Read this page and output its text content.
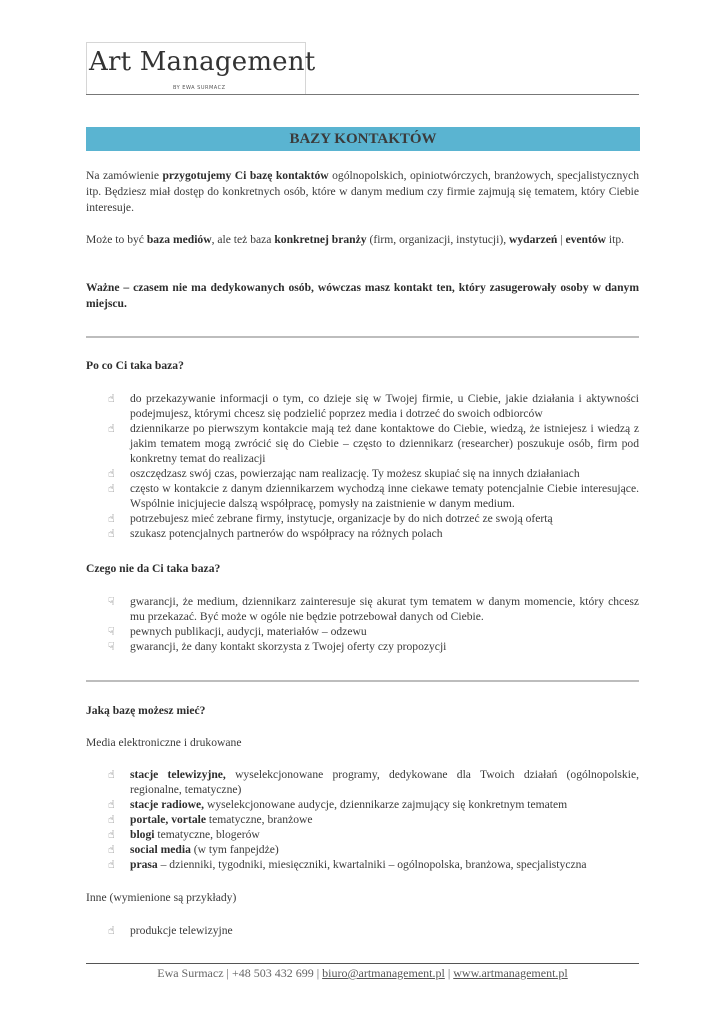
Art Management
BY EWA SURMACZ
BAZY KONTAKTÓW
Na zamówienie przygotujemy Ci bazę kontaktów ogólnopolskich, opiniotwórczych, branżowych, specjalistycznych itp. Będziesz miał dostęp do konkretnych osób, które w danym medium czy firmie zajmują się tematem, który Ciebie interesuje.
Może to być baza mediów, ale też baza konkretnej branży (firm, organizacji, instytucji), wydarzeń | eventów itp.
Ważne – czasem nie ma dedykowanych osób, wówczas masz kontakt ten, który zasugerowały osoby w danym miejscu.
Po co Ci taka baza?
☝	do przekazywanie informacji o tym, co dzieje się w Twojej firmie, u Ciebie, jakie działania i aktywności podejmujesz, którymi chcesz się podzielić poprzez media i dotrzeć do swoich odbiorców
☝	dziennikarze po pierwszym kontakcie mają też dane kontaktowe do Ciebie, wiedzą, że istniejesz i wiedzą z jakim tematem mogą zwrócić się do Ciebie – często to dziennikarz (researcher) poszukuje osób, firm pod konkretny temat do realizacji
☝	oszczędzasz swój czas, powierzając nam realizację. Ty możesz skupiać się na innych działaniach
☝	często w kontakcie z danym dziennikarzem wychodzą inne ciekawe tematy potencjalnie Ciebie interesujące. Wspólnie inicjujecie dalszą współpracę, pomysły na zaistnienie w danym medium.
☝	potrzebujesz mieć zebrane firmy, instytucje, organizacje by do nich dotrzeć ze swoją ofertą
☝	szukasz potencjalnych partnerów do współpracy na różnych polach
Czego nie da Ci taka baza?
☟	gwarancji, że medium, dziennikarz zainteresuje się akurat tym tematem w danym momencie, który chcesz mu przekazać. Być może w ogóle nie będzie potrzebował danych od Ciebie.
☟	pewnych publikacji, audycji, materiałów – odzewu
☟	gwarancji, że dany kontakt skorzysta z Twojej oferty czy propozycji
Jaką bazę możesz mieć?
Media elektroniczne i drukowane
☝	stacje telewizyjne, wyselekcjonowane programy, dedykowane dla Twoich działań (ogólnopolskie, regionalne, tematyczne)
☝	stacje radiowe, wyselekcjonowane audycje, dziennikarze zajmujący się konkretnym tematem
☝	portale, vortale tematyczne, branżowe
☝	blogi tematyczne, blogerów
☝	social media (w tym fanpejdże)
☝	prasa – dzienniki, tygodniki, miesięczniki, kwartalniki – ogólnopolska, branżowa, specjalistyczna
Inne (wymienione są przykłady)
☝	produkcje telewizyjne
Ewa Surmacz | +48 503 432 699 | biuro@artmanagement.pl | www.artmanagement.pl
